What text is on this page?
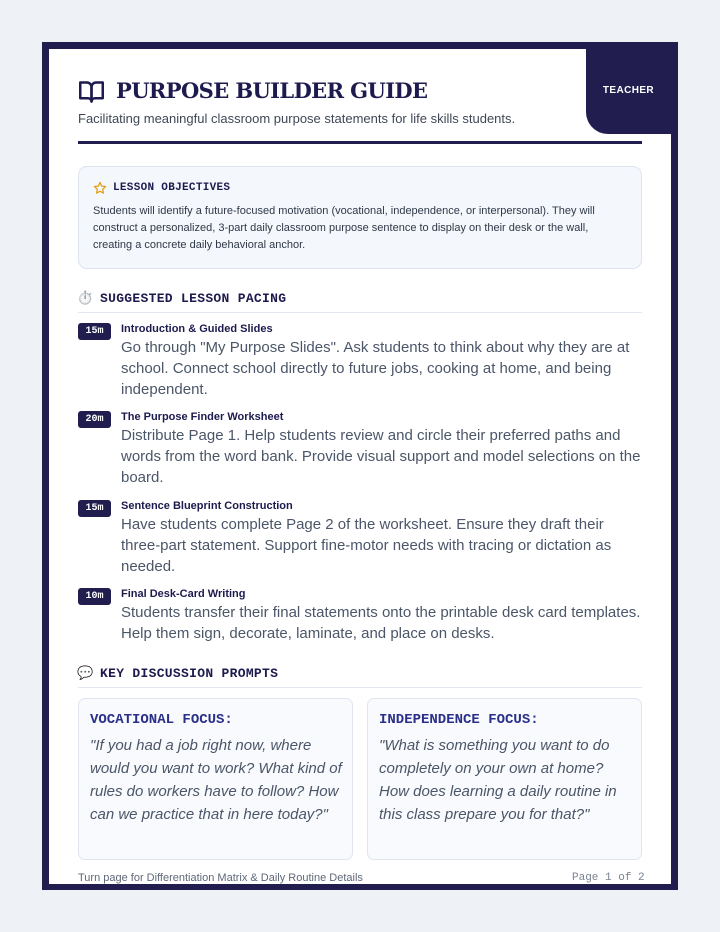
TEACHER
PURPOSE BUILDER GUIDE
Facilitating meaningful classroom purpose statements for life skills students.
LESSON OBJECTIVES
Students will identify a future-focused motivation (vocational, independence, or interpersonal). They will construct a personalized, 3-part daily classroom purpose sentence to display on their desk or the wall, creating a concrete daily behavioral anchor.
⏱️ SUGGESTED LESSON PACING
15m	Introduction & Guided Slides
Go through "My Purpose Slides". Ask students to think about why they are at school. Connect school directly to future jobs, cooking at home, and being independent.
20m	The Purpose Finder Worksheet
Distribute Page 1. Help students review and circle their preferred paths and words from the word bank. Provide visual support and model selections on the board.
15m	Sentence Blueprint Construction
Have students complete Page 2 of the worksheet. Ensure they draft their three-part statement. Support fine-motor needs with tracing or dictation as needed.
10m	Final Desk-Card Writing
Students transfer their final statements onto the printable desk card templates. Help them sign, decorate, laminate, and place on desks.
💬 KEY DISCUSSION PROMPTS
VOCATIONAL FOCUS:
"If you had a job right now, where would you want to work? What kind of rules do workers have to follow? How can we practice that in here today?"
INDEPENDENCE FOCUS:
"What is something you want to do completely on your own at home? How does learning a daily routine in this class prepare you for that?"
Turn page for Differentiation Matrix & Daily Routine Details	Page 1 of 2
